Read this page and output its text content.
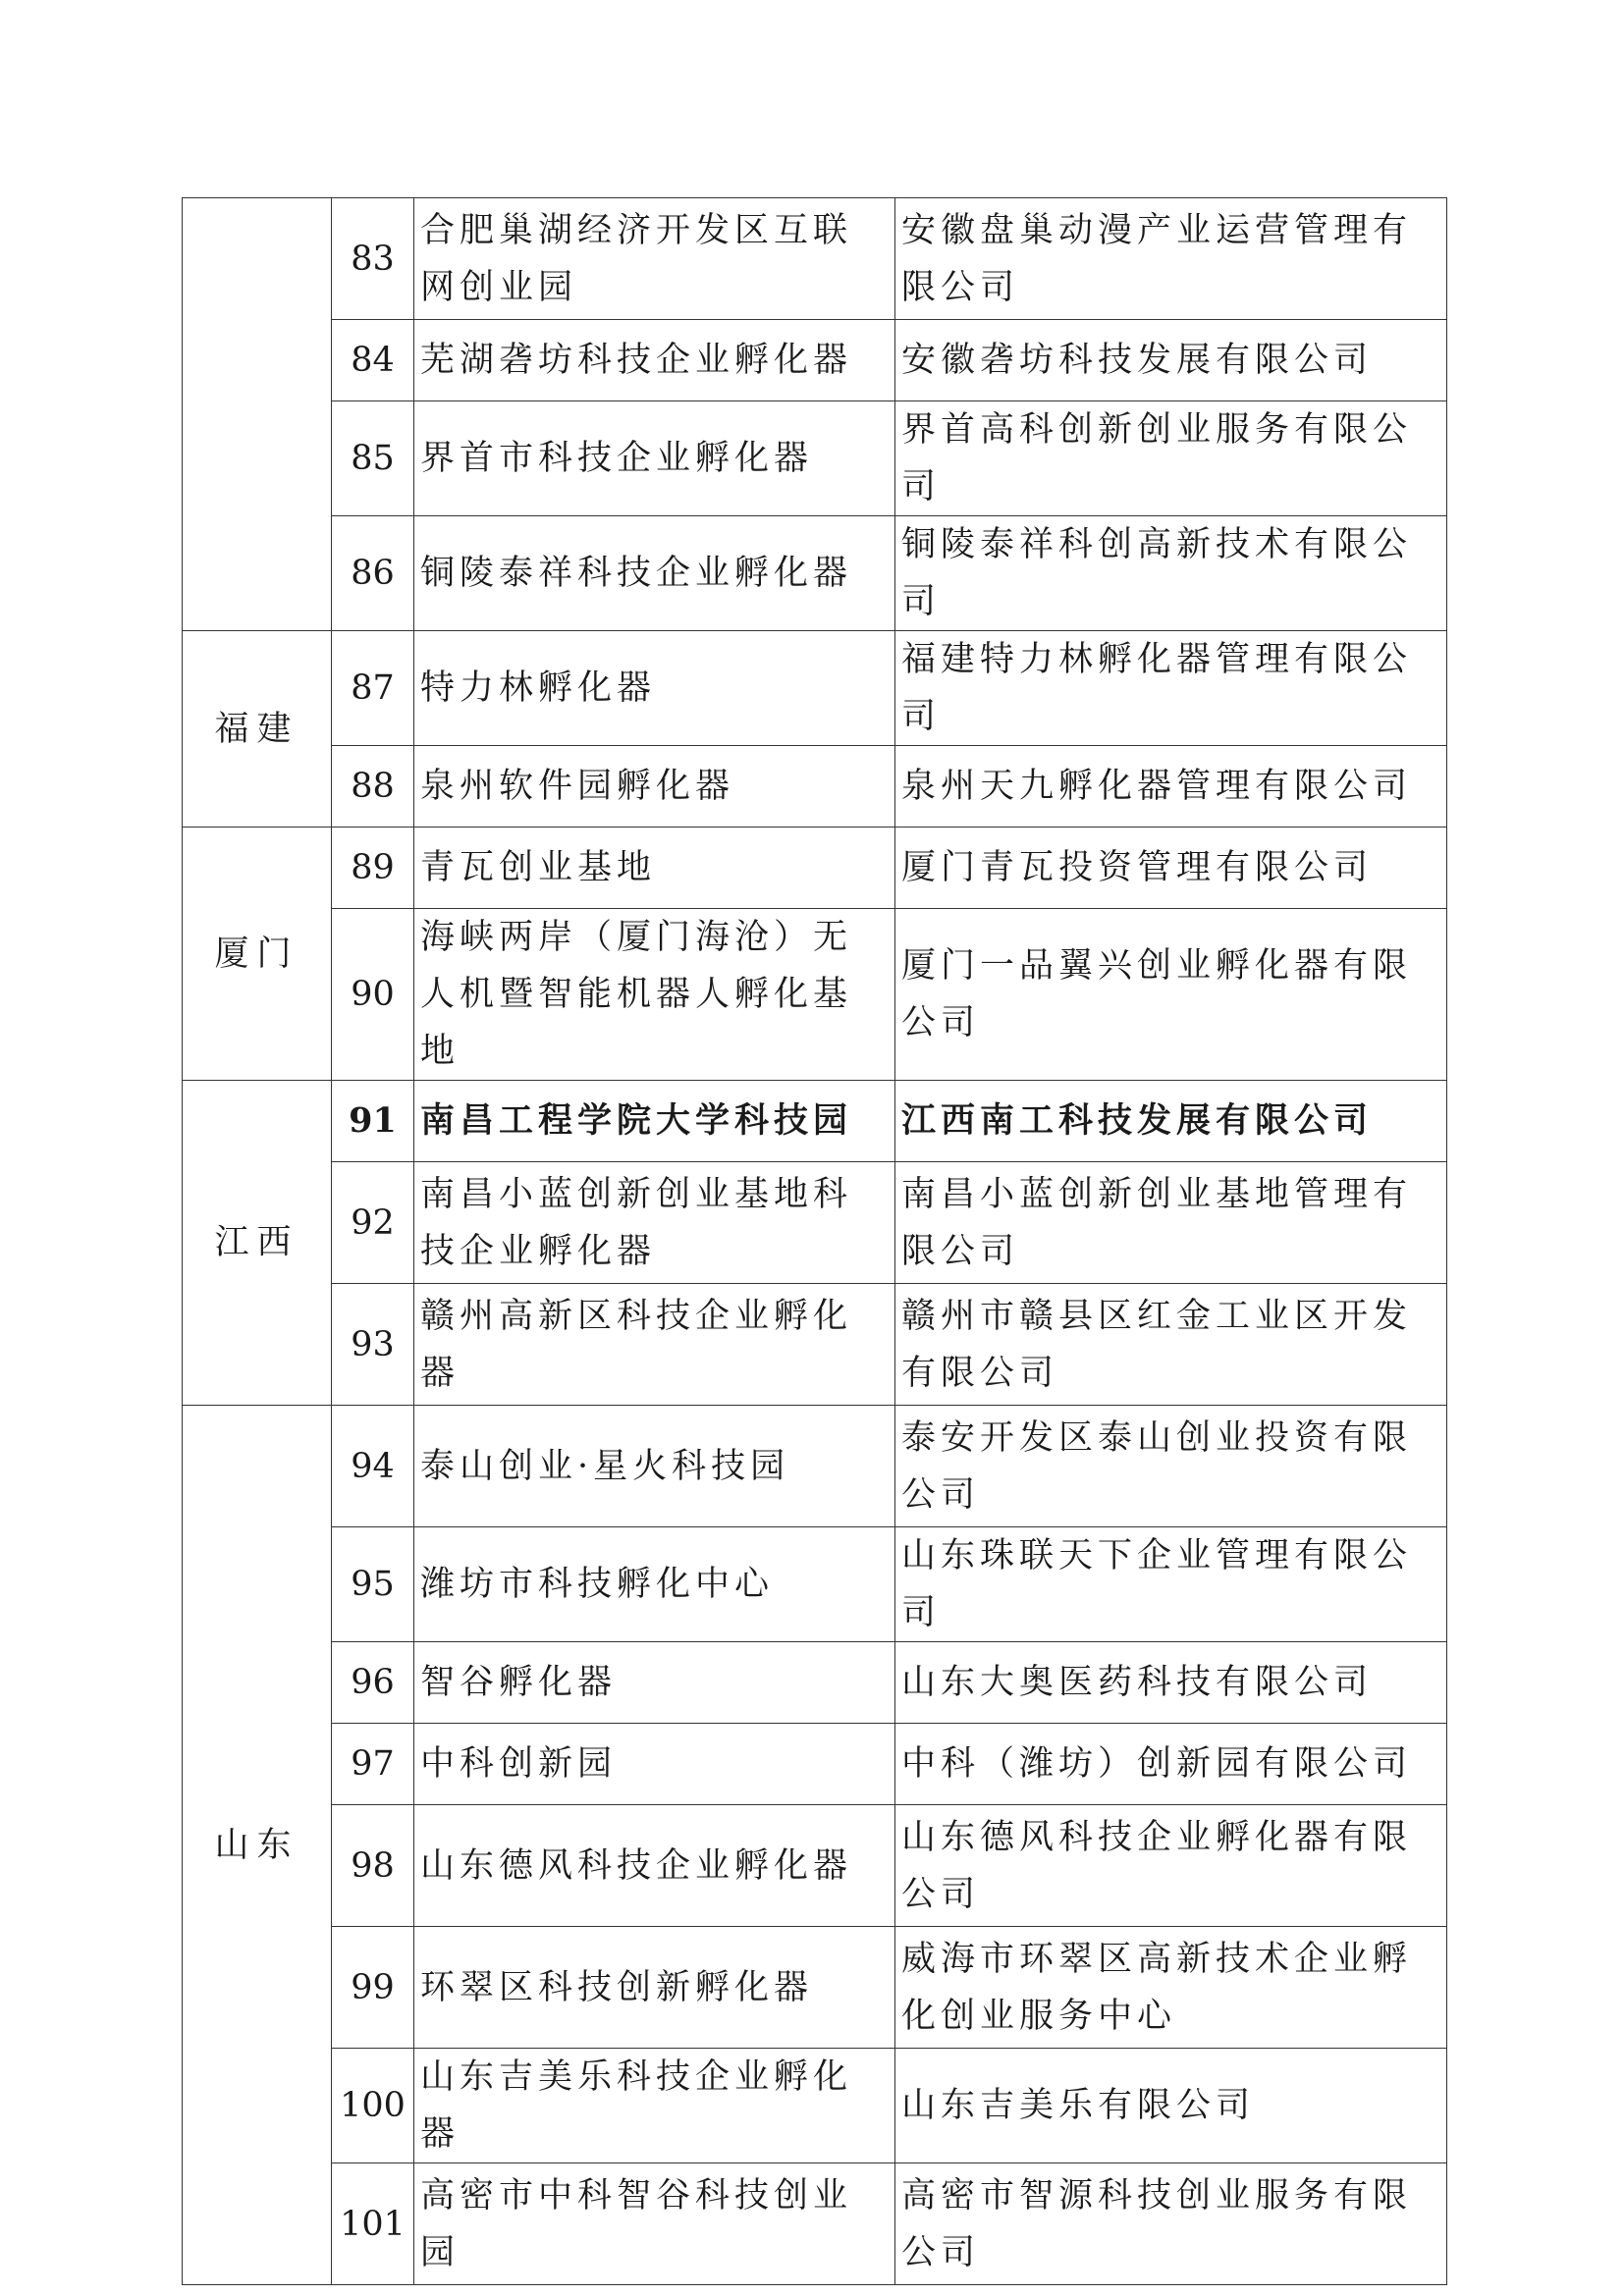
	83	合肥巢湖经济开发区互联网创业园	安徽盘巢动漫产业运营管理有限公司
	84	芜湖砻坊科技企业孵化器	安徽砻坊科技发展有限公司
	85	界首市科技企业孵化器	界首高科创新创业服务有限公司
	86	铜陵泰祥科技企业孵化器	铜陵泰祥科创高新技术有限公司
福建	87	特力林孵化器	福建特力林孵化器管理有限公司
	88	泉州软件园孵化器	泉州天九孵化器管理有限公司
厦门	89	青瓦创业基地	厦门青瓦投资管理有限公司
	90	海峡两岸（厦门海沧）无人机暨智能机器人孵化基地	厦门一品翼兴创业孵化器有限公司
江西	91	南昌工程学院大学科技园	江西南工科技发展有限公司
	92	南昌小蓝创新创业基地科技企业孵化器	南昌小蓝创新创业基地管理有限公司
	93	赣州高新区科技企业孵化器	赣州市赣县区红金工业区开发有限公司
山东	94	泰山创业·星火科技园	泰安开发区泰山创业投资有限公司
	95	潍坊市科技孵化中心	山东珠联天下企业管理有限公司
	96	智谷孵化器	山东大奥医药科技有限公司
	97	中科创新园	中科（潍坊）创新园有限公司
	98	山东德风科技企业孵化器	山东德风科技企业孵化器有限公司
	99	环翠区科技创新孵化器	威海市环翠区高新技术企业孵化创业服务中心
	100	山东吉美乐科技企业孵化器	山东吉美乐有限公司
	101	高密市中科智谷科技创业园	高密市智源科技创业服务有限公司
